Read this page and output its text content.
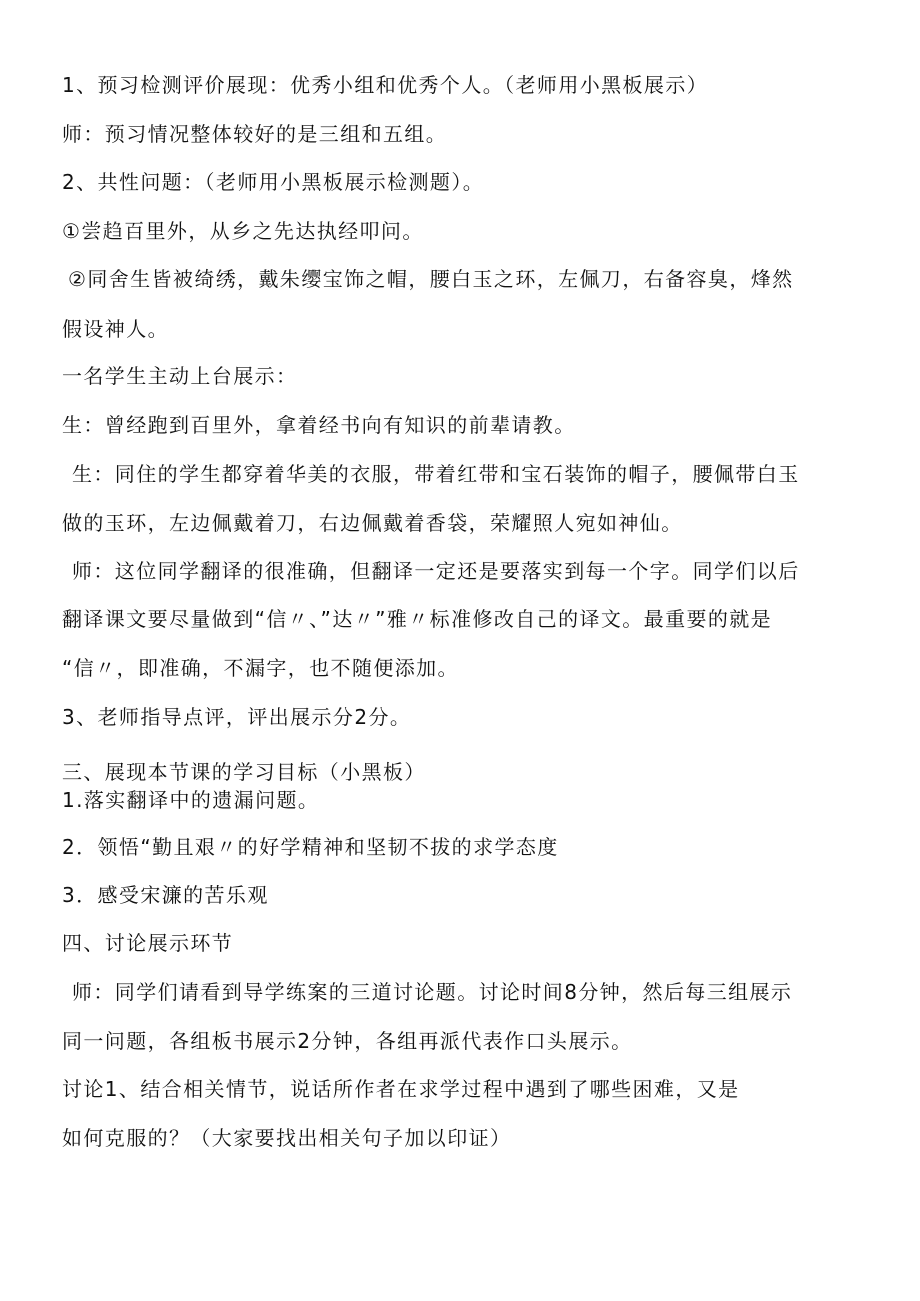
1、预习检测评价展现：优秀小组和优秀个人。（老师用小黑板展示）
师：预习情况整体较好的是三组和五组。
2、共性问题：（老师用小黑板展示检测题）。
①尝趋百里外，从乡之先达执经叩问。
②同舍生皆被绮绣，戴朱缨宝饰之帽，腰白玉之环，左佩刀，右备容臭，烽然
假设神人。
一名学生主动上台展示：
生：曾经跑到百里外，拿着经书向有知识的前辈请教。
生：同住的学生都穿着华美的衣服，带着红带和宝石装饰的帽子，腰佩带白玉
做的玉环，左边佩戴着刀，右边佩戴着香袋，荣耀照人宛如神仙。
师：这位同学翻译的很准确，但翻译一定还是要落实到每一个字。同学们以后
翻译课文要尽量做到“信〃、”达〃”雅〃标准修改自己的译文。最重要的就是
“信〃，即准确，不漏字，也不随便添加。
3、老师指导点评，评出展示分2分。
三、展现本节课的学习目标（小黑板）
1.落实翻译中的遗漏问题。
2．领悟“勤且艰〃的好学精神和坚韧不拔的求学态度
3．感受宋濂的苦乐观
四、讨论展示环节
师：同学们请看到导学练案的三道讨论题。讨论时间8分钟，然后每三组展示
同一问题，各组板书展示2分钟，各组再派代表作口头展示。
讨论1、结合相关情节，说话所作者在求学过程中遇到了哪些困难，又是
如何克服的？（大家要找出相关句子加以印证）
